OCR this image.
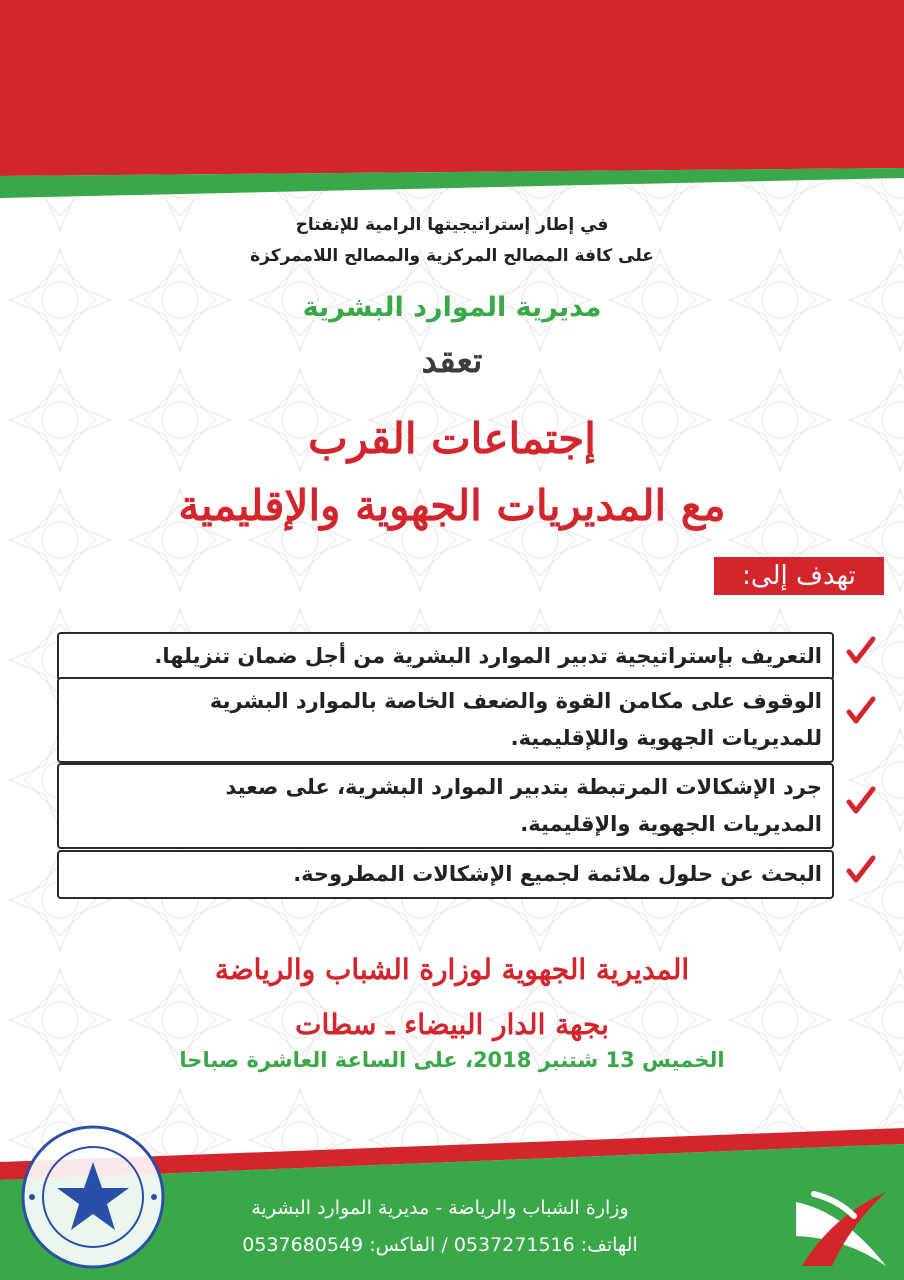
في إطار إستراتيجيتها الرامية للإنفتاح
على كافة المصالح المركزية والمصالح اللاممركزة
مديرية الموارد البشرية
تعقد
إجتماعات القرب
مع المديريات الجهوية والإقليمية
تهدف إلى:
التعريف بإستراتيجية تدبير الموارد البشرية من أجل ضمان تنزيلها.
الوقوف على مكامن القوة والضعف الخاصة بالموارد البشرية
للمديريات الجهوية واللإقليمية.
جرد الإشكالات المرتبطة بتدبير الموارد البشرية، على صعيد
المديريات الجهوية والإقليمية.
البحث عن حلول ملائمة لجميع الإشكالات المطروحة.
المديرية الجهوية لوزارة الشباب والرياضة
بجهة الدار البيضاء ـ سطات
الخميس 13 شتنبر 2018، على الساعة العاشرة صباحا
وزارة الشباب والرياضة - مديرية الموارد البشرية
الهاتف: 0537271516 / الفاكس: 0537680549
